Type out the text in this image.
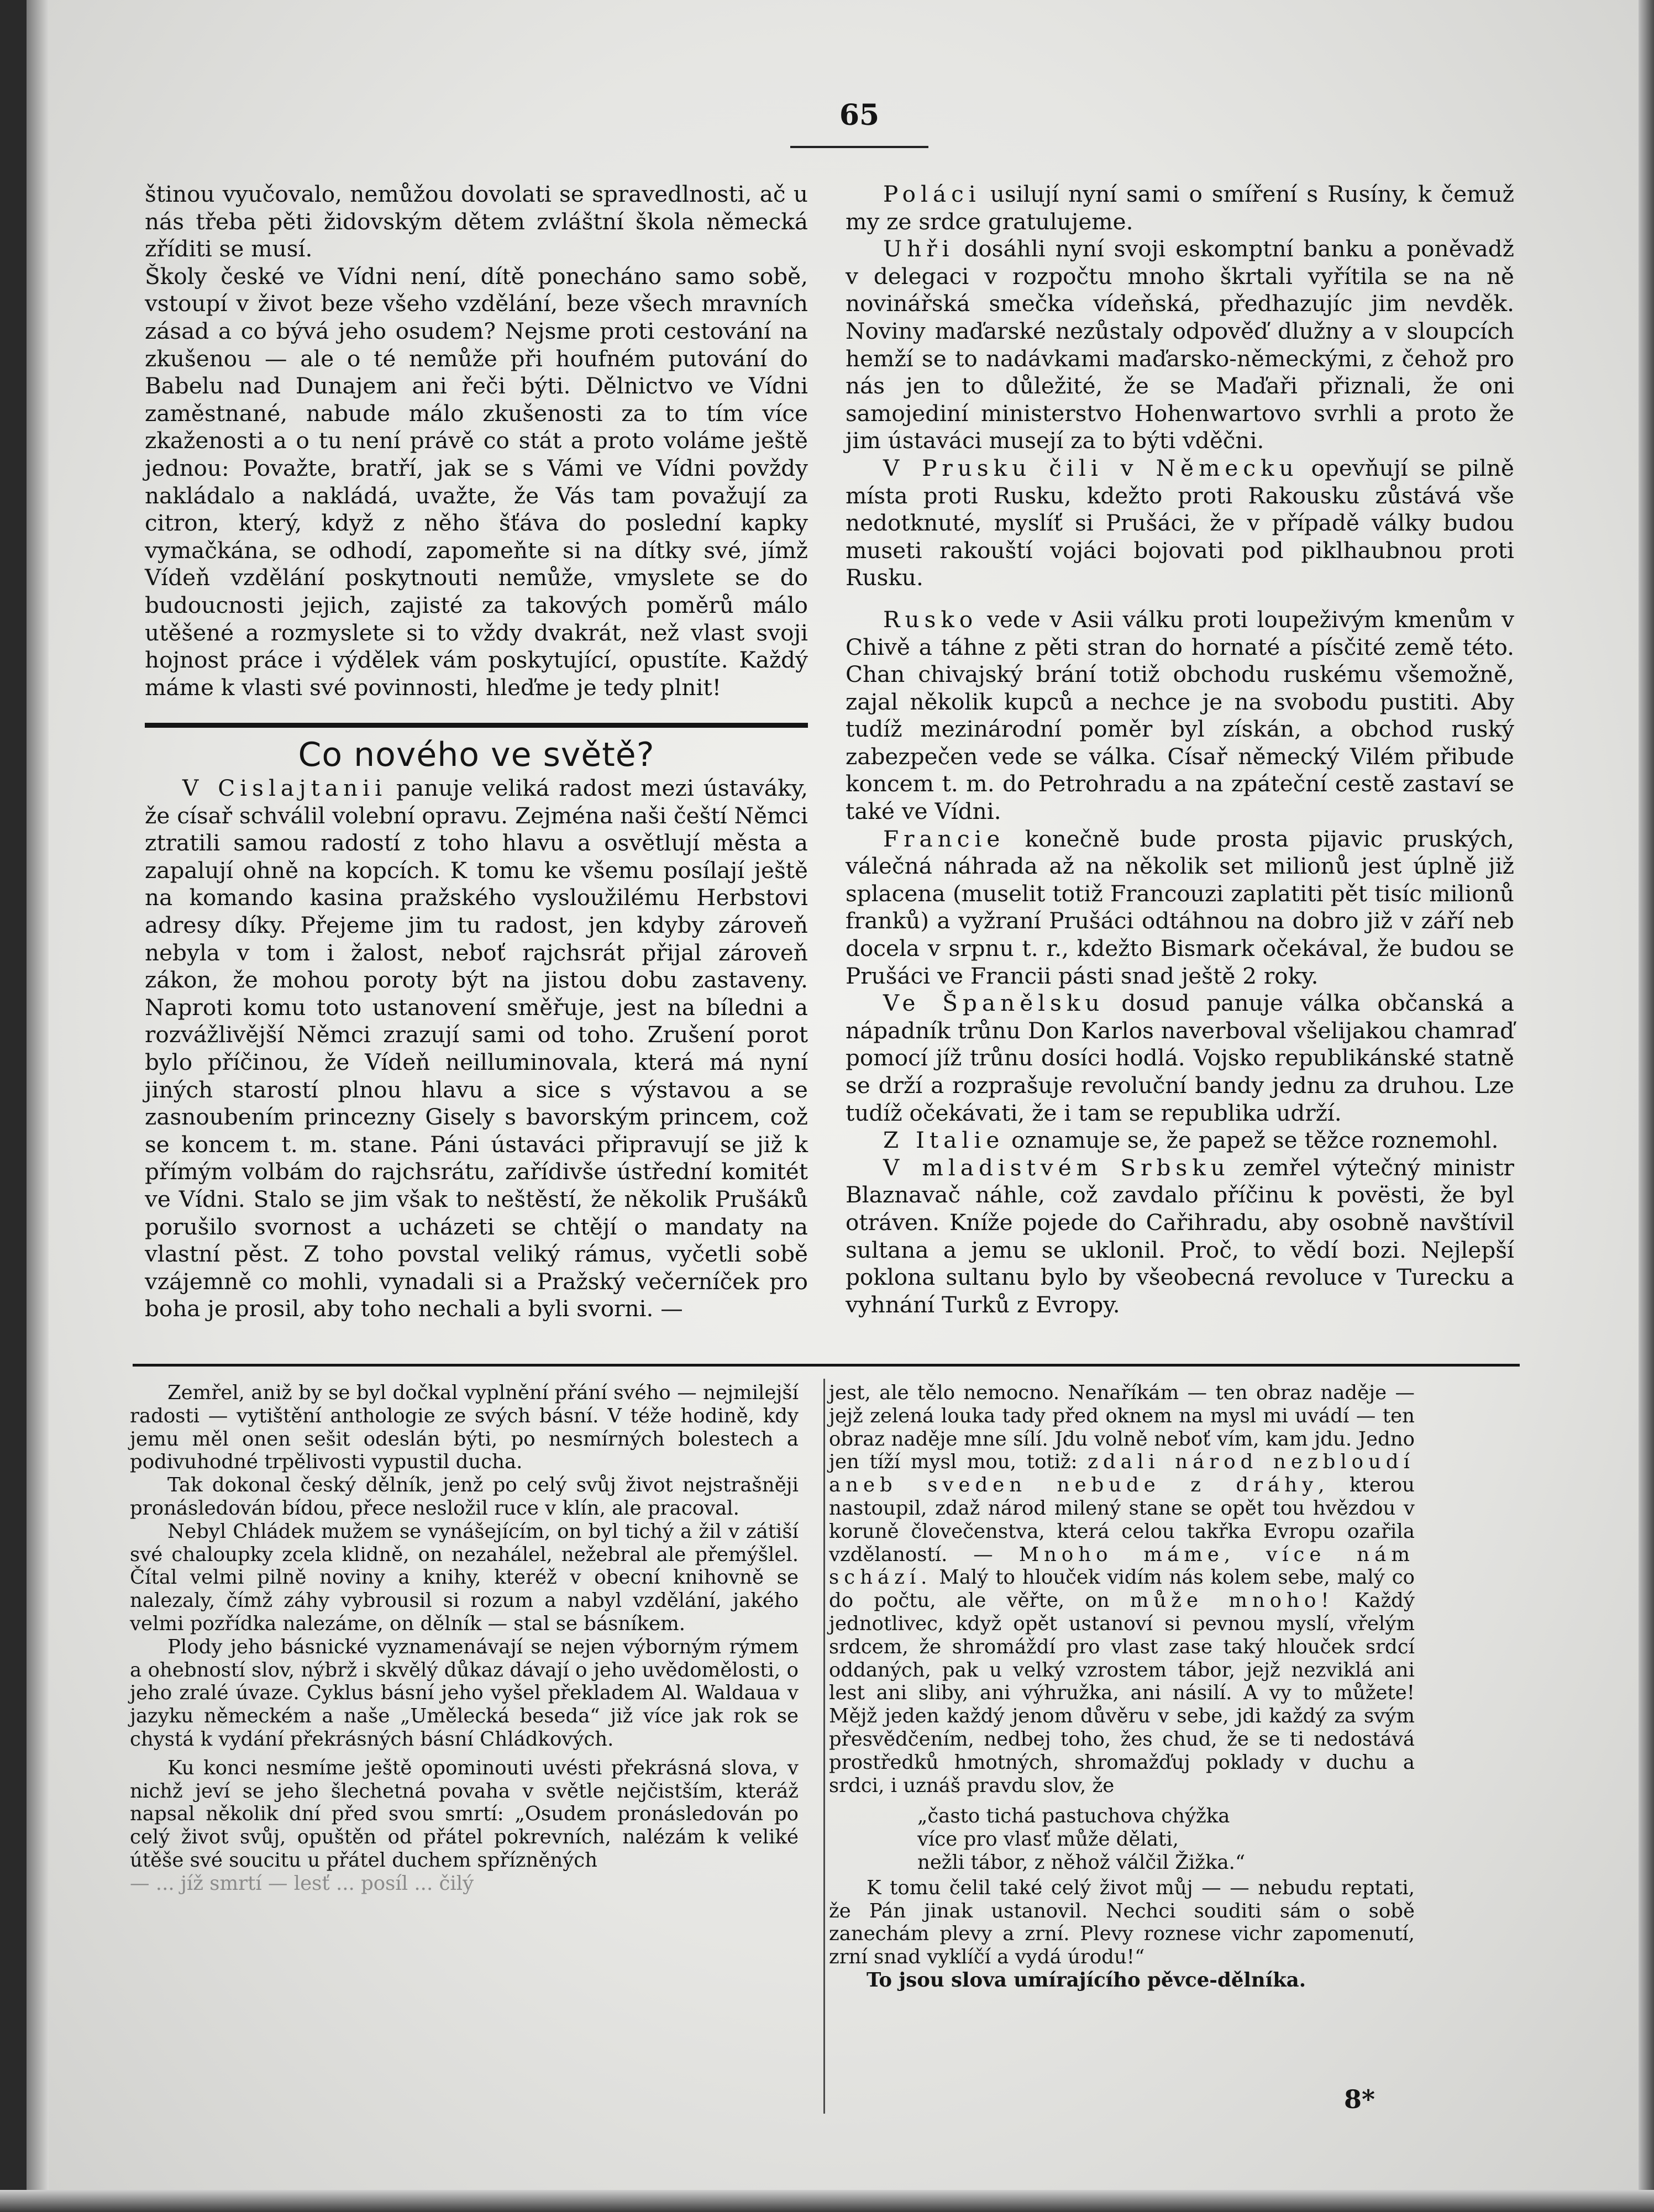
65

štinou vyučovalo, nemůžou dovolati se spravedlnosti, ač u nás třeba pěti židovským dětem zvláštní škola německá zříditi se musí.

Školy české ve Vídni není, dítě ponecháno samo sobě, vstoupí v život beze všeho vzdělání, beze všech mravních zásad a co bývá jeho osudem? Nejsme proti cestování na zkušenou — ale o té nemůže při houfném putování do Babelu nad Dunajem ani řeči býti. Dělnictvo ve Vídni zaměstnané, nabude málo zkušenosti za to tím více zkaženosti a o tu není právě co stát a proto voláme ještě jednou: Považte, bratří, jak se s Vámi ve Vídni povždy nakládalo a nakládá, uvažte, že Vás tam považují za citron, který, když z něho šťáva do poslední kapky vymačkána, se odhodí, zapomeňte si na dítky své, jímž Vídeň vzdělání poskytnouti nemůže, vmyslete se do budoucnosti jejich, zajisté za takových poměrů málo utěšené a rozmyslete si to vždy dvakrát, než vlast svoji hojnost práce i výdělek vám poskytující, opustíte. Každý máme k vlasti své povinnosti, hleďme je tedy plnit!

Co nového ve světě?

V Cislajtanii panuje veliká radost mezi ústaváky, že císař schválil volební opravu. Zejména naši čeští Němci ztratili samou radostí z toho hlavu a osvětlují města a zapalují ohně na kopcích. K tomu ke všemu posílají ještě na komando kasina pražského vysloužilému Herbstovi adresy díky. Přejeme jim tu radost, jen kdyby zároveň nebyla v tom i žalost, neboť rajchsrát přijal zároveň zákon, že mohou poroty být na jistou dobu zastaveny. Naproti komu toto ustanovení směřuje, jest na bíledni a rozvážlivější Němci zrazují sami od toho. Zrušení porot bylo příčinou, že Vídeň neilluminovala, která má nyní jiných starostí plnou hlavu a sice s výstavou a se zasnoubením princezny Gisely s bavorským princem, což se koncem t. m. stane. Páni ústaváci připravují se již k přímým volbám do rajchsrátu, zařídivše ústřední komitét ve Vídni. Stalo se jim však to neštěstí, že několik Prušáků porušilo svornost a ucházeti se chtějí o mandaty na vlastní pěst. Z toho povstal veliký rámus, vyčetli sobě vzájemně co mohli, vynadali si a Pražský večerníček pro boha je prosil, aby toho nechali a byli svorni. —

Poláci usilují nyní sami o smíření s Rusíny, k čemuž my ze srdce gratulujeme.

Uhři dosáhli nyní svoji eskomptní banku a poněvadž v delegaci v rozpočtu mnoho škrtali vyřítila se na ně novinářská smečka vídeňská, předhazujíc jim nevděk. Noviny maďarské nezůstaly odpověď dlužny a v sloupcích hemží se to nadávkami maďarsko-německými, z čehož pro nás jen to důležité, že se Maďaři přiznali, že oni samojediní ministerstvo Hohenwartovo svrhli a proto že jim ústaváci musejí za to býti vděčni.

V Prusku čili v Německu opevňují se pilně místa proti Rusku, kdežto proti Rakousku zůstává vše nedotknuté, myslíť si Prušáci, že v případě války budou museti rakouští vojáci bojovati pod piklhaubnou proti Rusku.

Rusko vede v Asii válku proti loupeživým kmenům v Chivě a táhne z pěti stran do hornaté a písčité země této. Chan chivajský brání totiž obchodu ruskému všemožně, zajal několik kupců a nechce je na svobodu pustiti. Aby tudíž mezinárodní poměr byl získán, a obchod ruský zabezpečen vede se válka. Císař německý Vilém přibude koncem t. m. do Petrohradu a na zpáteční cestě zastaví se také ve Vídni.

Francie konečně bude prosta pijavic pruských, válečná náhrada až na několik set milionů jest úplně již splacena (muselit totiž Francouzi zaplatiti pět tisíc milionů franků) a vyžraní Prušáci odtáhnou na dobro již v září neb docela v srpnu t. r., kdežto Bismark očekával, že budou se Prušáci ve Francii pásti snad ještě 2 roky.

Ve Španělsku dosud panuje válka občanská a nápadník trůnu Don Karlos naverboval všelijakou chamraď pomocí jíž trůnu dosíci hodlá. Vojsko republikánské statně se drží a rozprašuje revoluční bandy jednu za druhou. Lze tudíž očekávati, že i tam se republika udrží.

Z Italie oznamuje se, že papež se těžce roznemohl.

V mladistvém Srbsku zemřel výtečný ministr Blaznavač náhle, což zavdalo příčinu k povësti, že byl otráven. Kníže pojede do Cařihradu, aby osobně navštívil sultana a jemu se uklonil. Proč, to vědí bozi. Nejlepší poklona sultanu bylo by všeobecná revoluce v Turecku a vyhnání Turků z Evropy.

Zemřel, aniž by se byl dočkal vyplnění přání svého — nejmilejší radosti — vytištění anthologie ze svých básní. V téže hodině, kdy jemu měl onen sešit odeslán býti, po nesmírných bolestech a podivuhodné trpělivosti vypustil ducha.

Tak dokonal český dělník, jenž po celý svůj život nejstrašněji pronásledován bídou, přece nesložil ruce v klín, ale pracoval.

Nebyl Chládek mužem se vynášejícím, on byl tichý a žil v zátiší své chaloupky zcela klidně, on nezahálel, nežebral ale přemýšlel. Čítal velmi pilně noviny a knihy, kteréž v obecní knihovně se nalezaly, čímž záhy vybrousil si rozum a nabyl vzdělání, jakého velmi pozřídka nalezáme, on dělník — stal se básníkem.

Plody jeho básnické vyznamenávají se nejen výborným rýmem a ohebností slov, nýbrž i skvělý důkaz dávají o jeho uvědomělosti, o jeho zralé úvaze. Cyklus básní jeho vyšel překladem Al. Waldaua v jazyku německém a naše „Umělecká beseda“ již více jak rok se chystá k vydání překrásných básní Chládkových.

Ku konci nesmíme ještě opominouti uvésti překrásná slova, v nichž jeví se jeho šlechetná povaha v světle nejčistším, kteráž napsal několik dní před svou smrtí: „Osudem pronásledován po celý život svůj, opuštěn od přátel pokrevních, nalézám k veliké útěše své soucitu u přátel duchem spřízněných

— ... jíž smrtí — lesť ... posíl ... čilý

jest, ale tělo nemocno. Nenaříkám — ten obraz naděje — jejž zelená louka tady před oknem na mysl mi uvádí — ten obraz naděje mne sílí. Jdu volně neboť vím, kam jdu. Jedno jen tíží mysl mou, totiž: zdali národ nezbloudí aneb sveden nebude z dráhy, kterou nastoupil, zdaž národ milený stane se opět tou hvězdou v koruně človečenstva, která celou takřka Evropu ozařila vzdělaností. — Mnoho máme, více nám schází. Malý to hlouček vidím nás kolem sebe, malý co do počtu, ale věřte, on může mnoho! Každý jednotlivec, když opět ustanoví si pevnou myslí, vřelým srdcem, že shromáždí pro vlast zase taký hlouček srdcí oddaných, pak u velký vzrostem tábor, jejž nezviklá ani lest ani sliby, ani výhružka, ani násilí. A vy to můžete! Mějž jeden každý jenom důvěru v sebe, jdi každý za svým přesvědčením, nedbej toho, žes chud, že se ti nedostává prostředků hmotných, shromažďuj poklady v duchu a srdci, i uznáš pravdu slov, že

„často tichá pastuchova chýžka
více pro vlasť může dělati,
nežli tábor, z něhož válčil Žižka.“

K tomu čelil také celý život můj — — nebudu reptati, že Pán jinak ustanovil. Nechci souditi sám o sobě zanechám plevy a zrní. Plevy roznese vichr zapomenutí, zrní snad vyklíčí a vydá úrodu!“

To jsou slova umírajícího pěvce-dělníka.

8*
